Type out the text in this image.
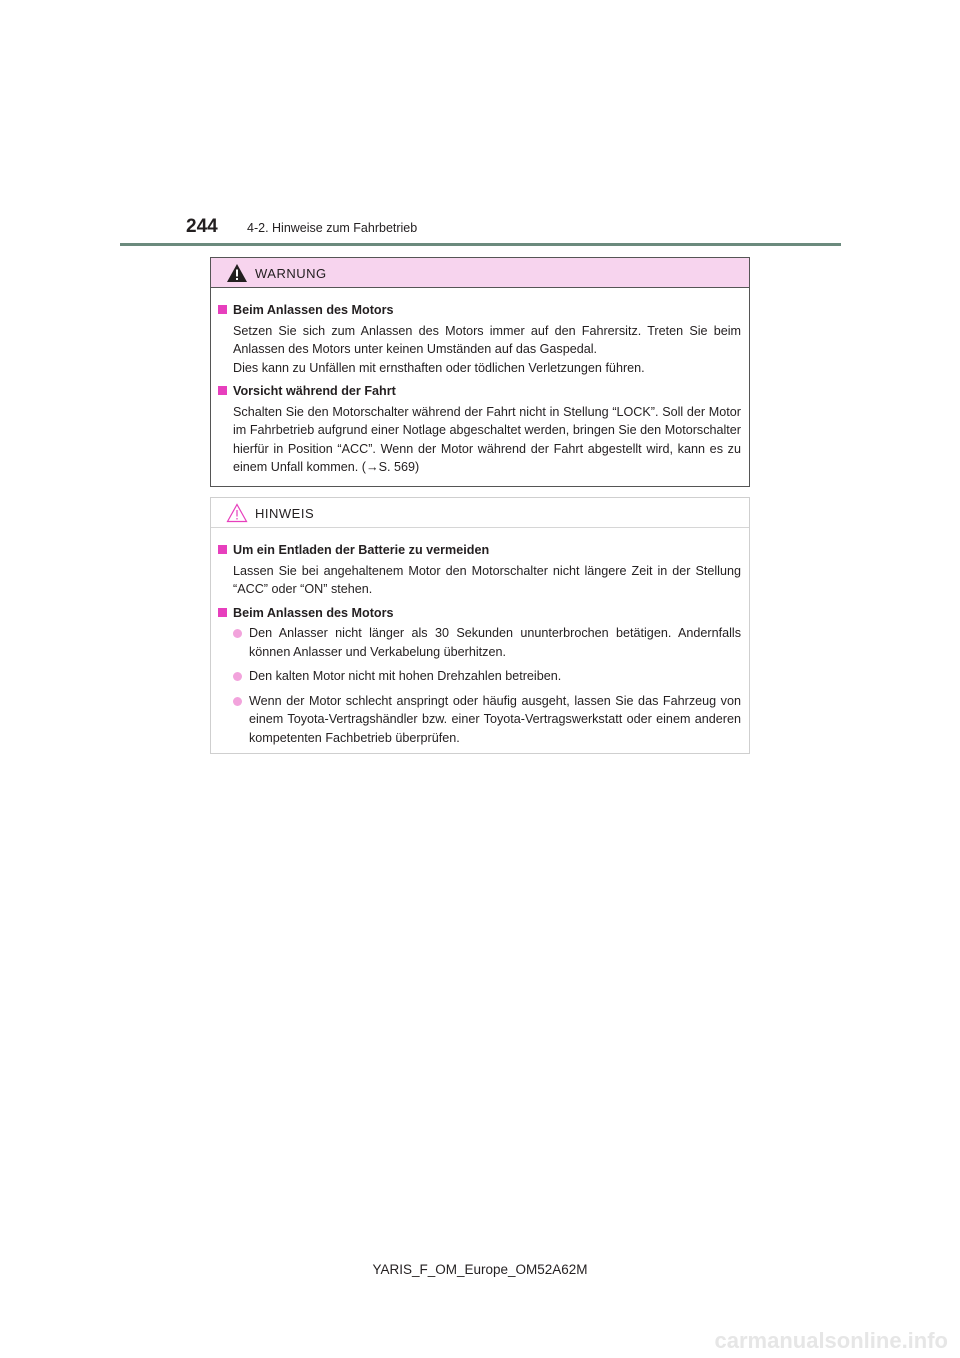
244 4-2. Hinweise zum Fahrbetrieb
WARNUNG
Beim Anlassen des Motors
Setzen Sie sich zum Anlassen des Motors immer auf den Fahrersitz. Treten Sie beim Anlassen des Motors unter keinen Umständen auf das Gaspedal.
Dies kann zu Unfällen mit ernsthaften oder tödlichen Verletzungen führen.
Vorsicht während der Fahrt
Schalten Sie den Motorschalter während der Fahrt nicht in Stellung “LOCK”. Soll der Motor im Fahrbetrieb aufgrund einer Notlage abgeschaltet werden, bringen Sie den Motorschalter hierfür in Position “ACC”. Wenn der Motor während der Fahrt abgestellt wird, kann es zu einem Unfall kommen. (→S. 569)
HINWEIS
Um ein Entladen der Batterie zu vermeiden
Lassen Sie bei angehaltenem Motor den Motorschalter nicht längere Zeit in der Stellung “ACC” oder “ON” stehen.
Beim Anlassen des Motors
Den Anlasser nicht länger als 30 Sekunden ununterbrochen betätigen. Andernfalls können Anlasser und Verkabelung überhitzen.
Den kalten Motor nicht mit hohen Drehzahlen betreiben.
Wenn der Motor schlecht anspringt oder häufig ausgeht, lassen Sie das Fahrzeug von einem Toyota-Vertragshändler bzw. einer Toyota-Vertragswerkstatt oder einem anderen kompetenten Fachbetrieb überprüfen.
YARIS_F_OM_Europe_OM52A62M
carmanualsonline.info
